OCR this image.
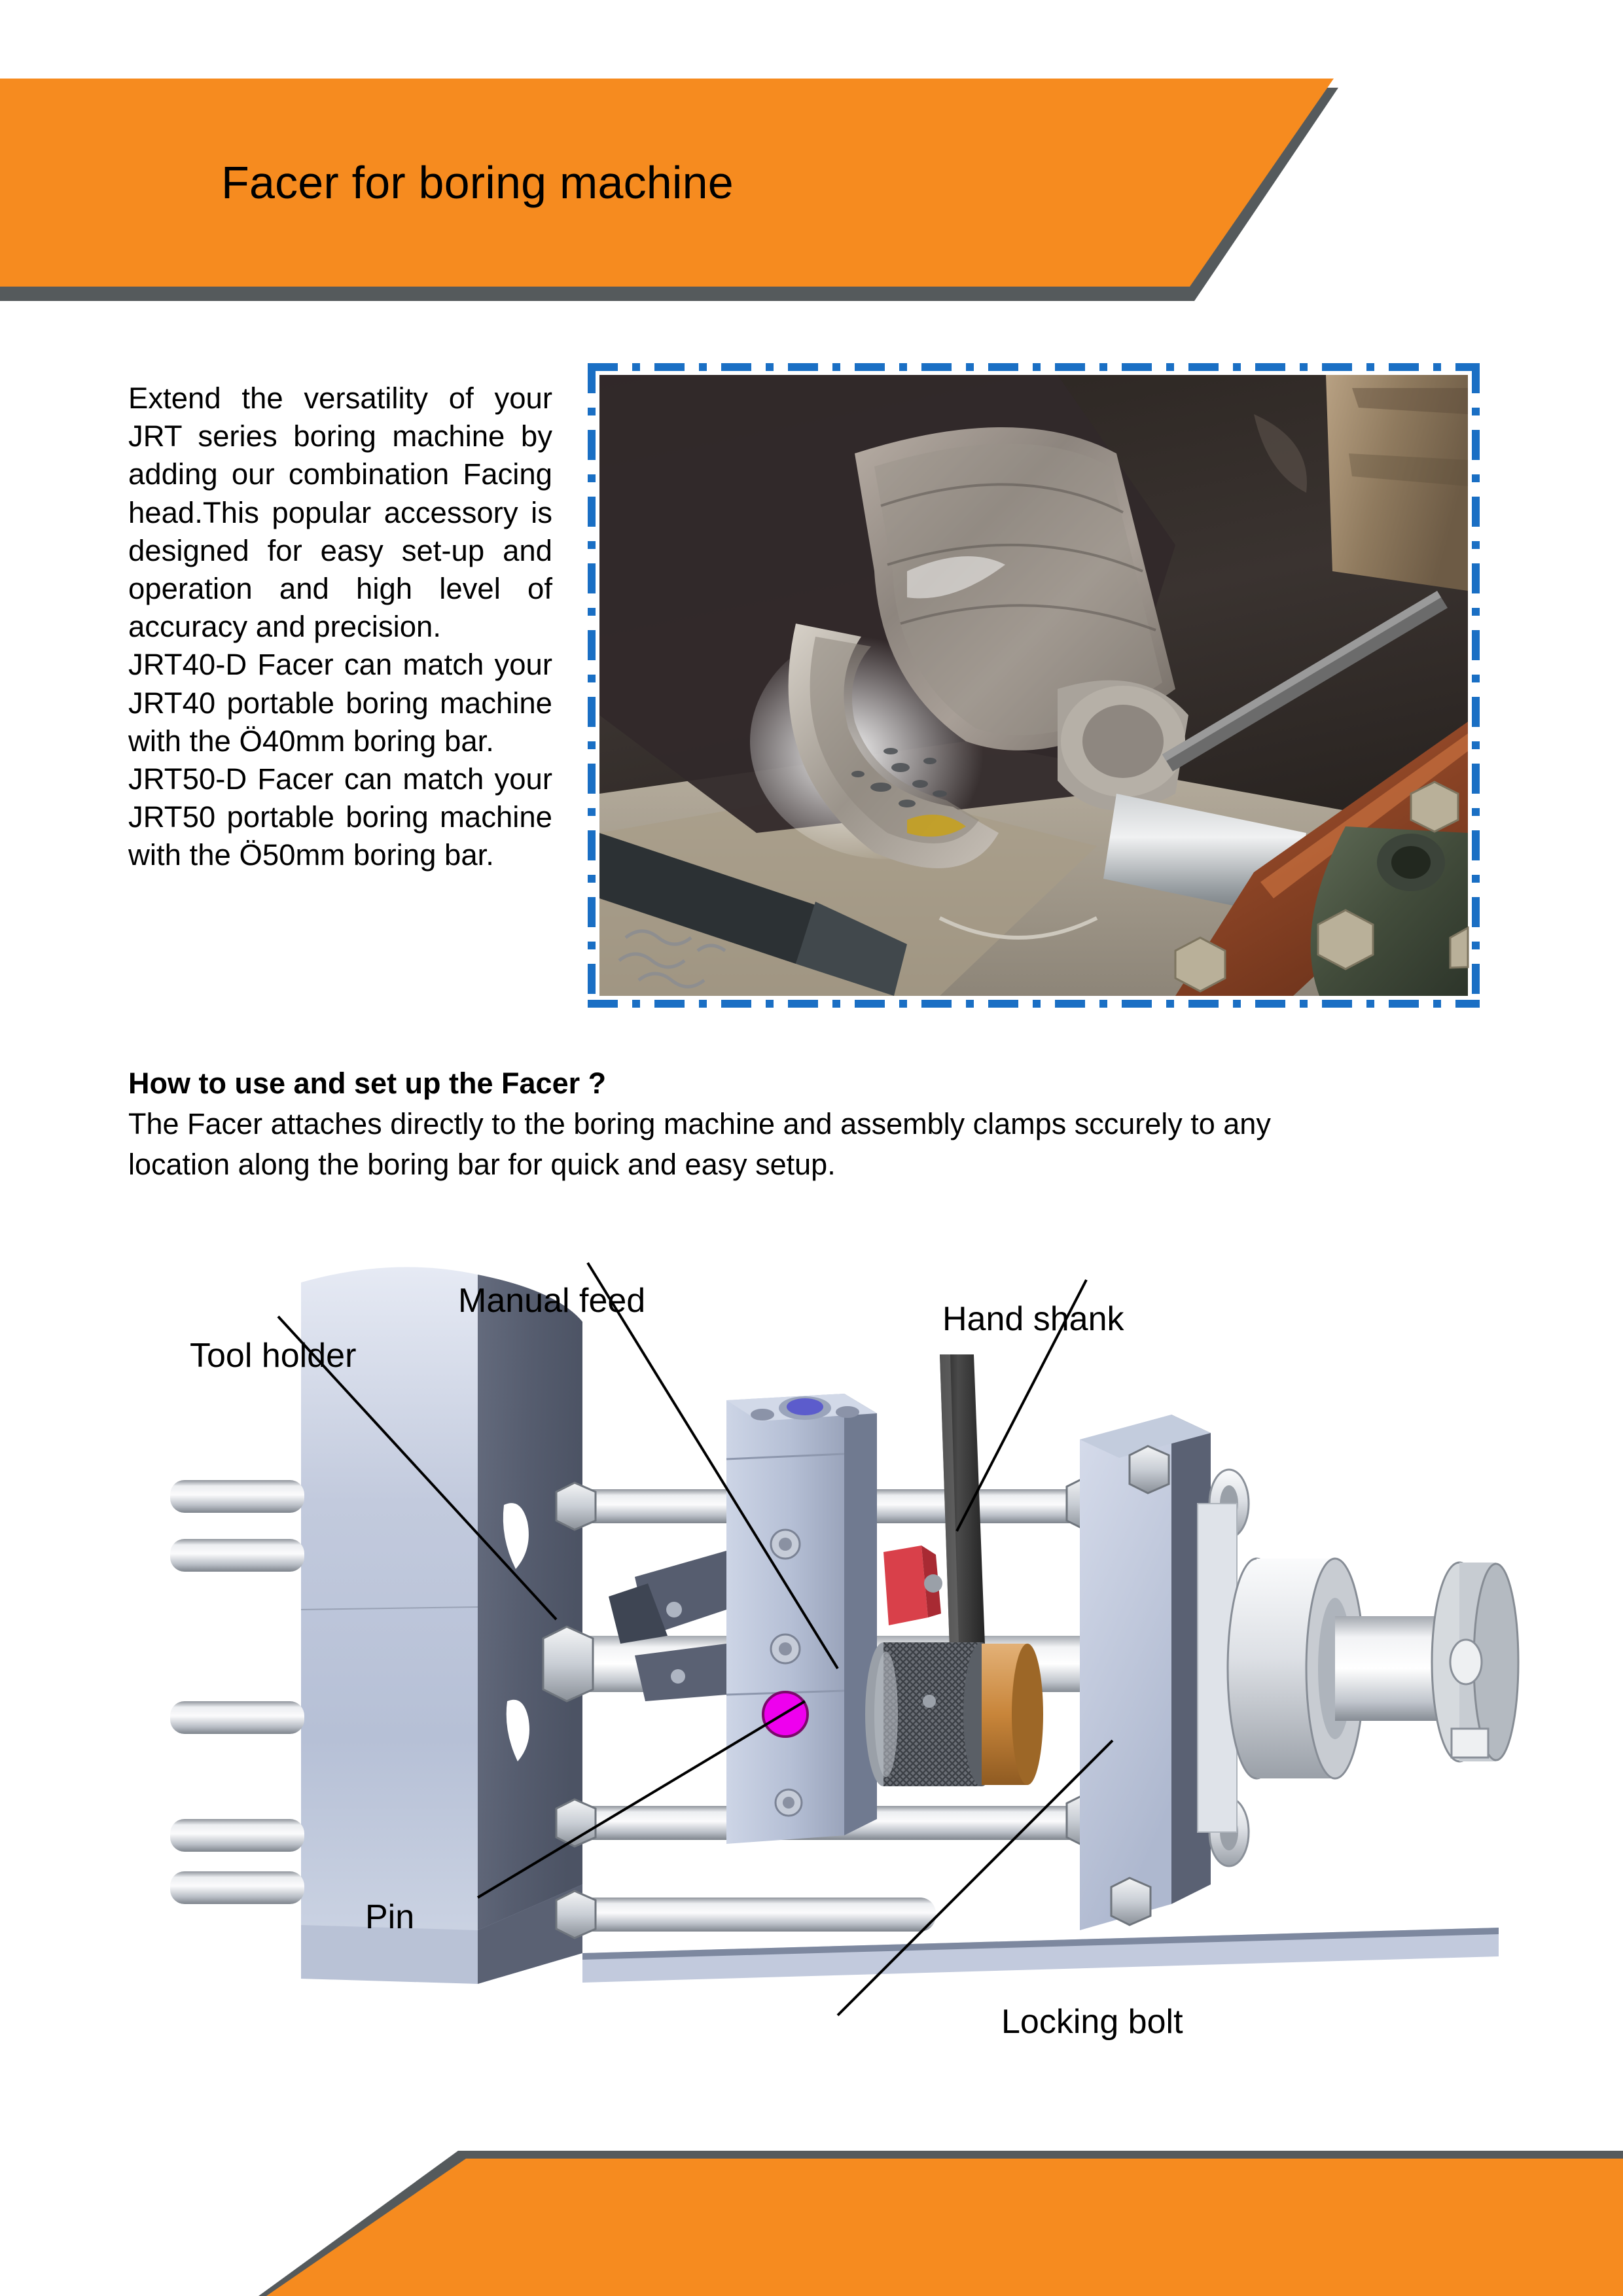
Facer for boring machine

Extend the versatility of your JRT series boring machine by adding our combination Facing head.This popular accessory is designed for easy set-up and operation and high level of accuracy and precision.

JRT40-D Facer can match your JRT40 portable boring machine with the Ö40mm boring bar.

JRT50-D Facer can match your JRT50 portable boring machine with the Ö50mm boring bar.

How to use and set up the Facer ?

The Facer attaches directly to the boring machine and assembly clamps sccurely to any
location along the boring bar for quick and easy setup.

Tool holder
Manual feed
Hand shank
Locking bolt
Manual feed	Hand shank
Tool holder
Pin
Locking bolt
